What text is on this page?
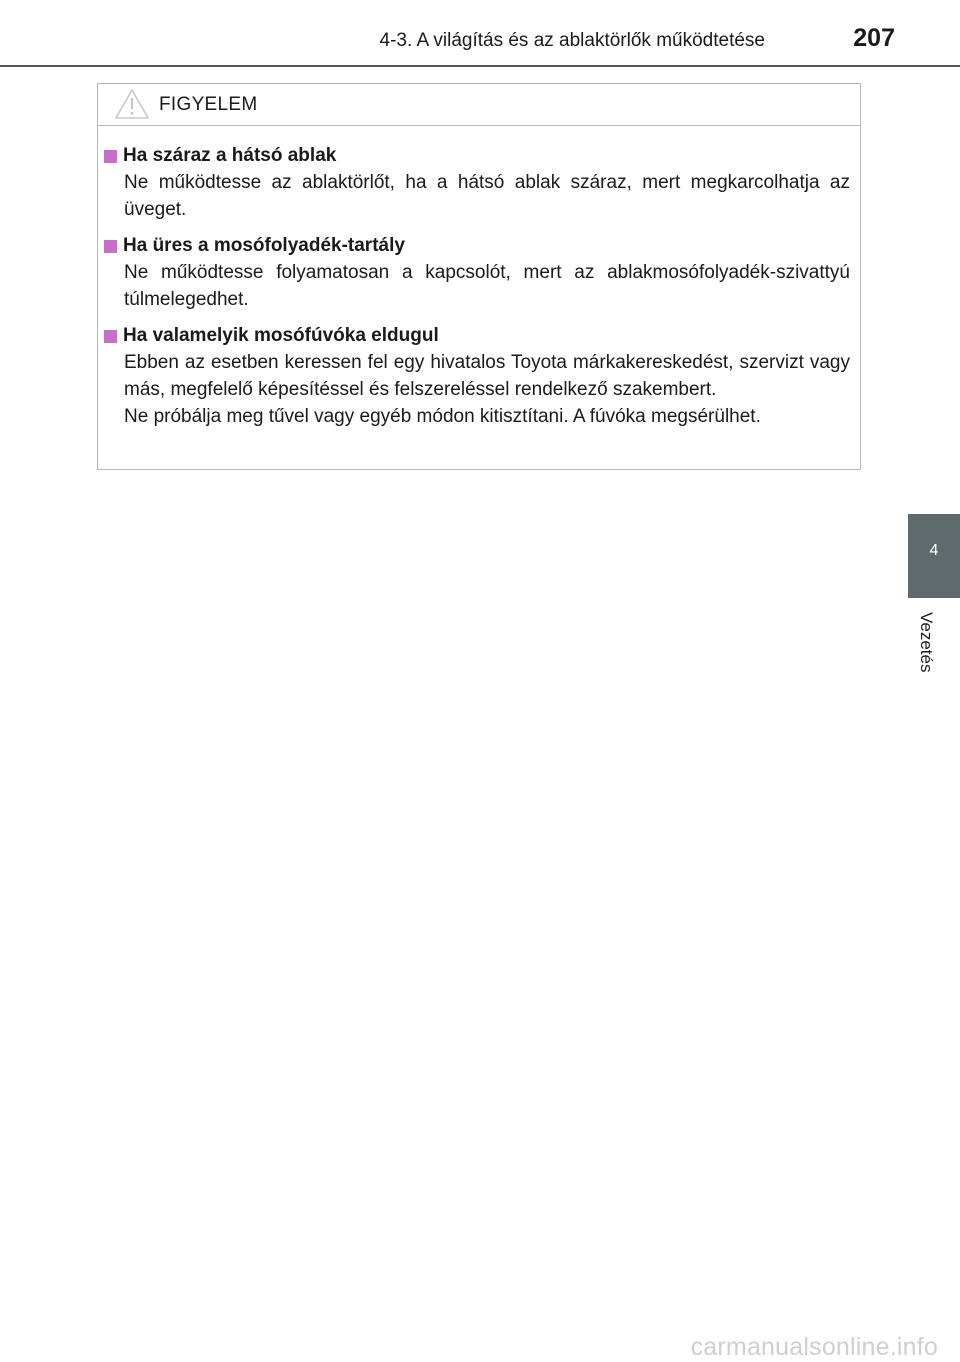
4-3. A világítás és az ablaktörlők működtetése	207
FIGYELEM
Ha száraz a hátsó ablak
Ne működtesse az ablaktörlőt, ha a hátsó ablak száraz, mert megkarcolhatja az üveget.
Ha üres a mosófolyadék-tartály
Ne működtesse folyamatosan a kapcsolót, mert az ablakmosófolyadék-szivattyú túlmelegedhet.
Ha valamelyik mosófúvóka eldugul
Ebben az esetben keressen fel egy hivatalos Toyota márkakereskedést, szervizt vagy más, megfelelő képesítéssel és felszereléssel rendelkező szakembert.
Ne próbálja meg tűvel vagy egyéb módon kitisztítani. A fúvóka megsérülhet.
4
Vezetés
carmanualsonline.info
